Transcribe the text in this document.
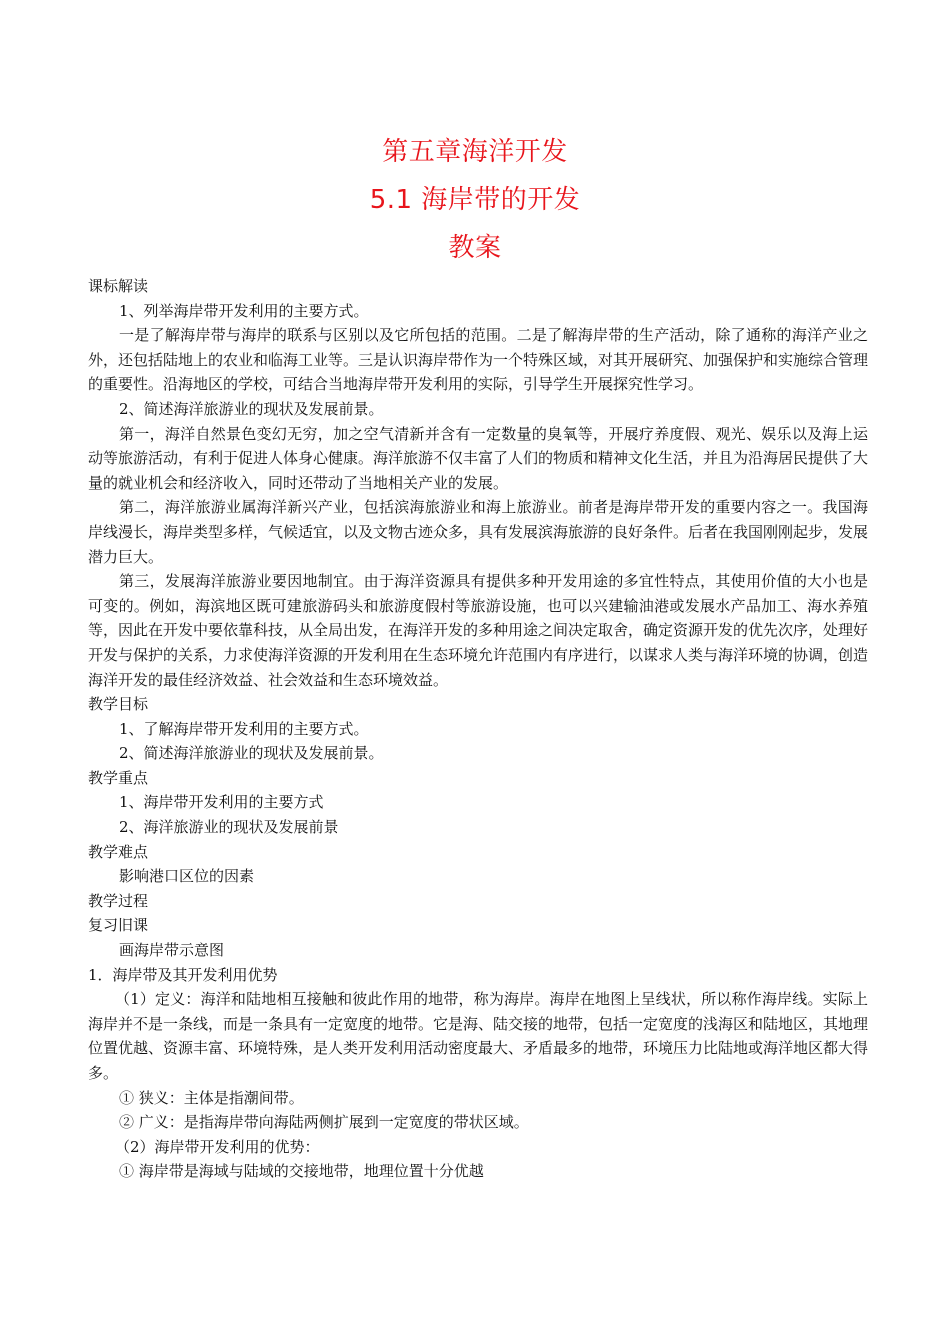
第五章海洋开发
5.1 海岸带的开发
教案

课标解读

1、列举海岸带开发利用的主要方式。

一是了解海岸带与海岸的联系与区别以及它所包括的范围。二是了解海岸带的生产活动，除了通称的海洋产业之外，还包括陆地上的农业和临海工业等。三是认识海岸带作为一个特殊区域，对其开展研究、加强保护和实施综合管理的重要性。沿海地区的学校，可结合当地海岸带开发利用的实际，引导学生开展探究性学习。

2、简述海洋旅游业的现状及发展前景。

第一，海洋自然景色变幻无穷，加之空气清新并含有一定数量的臭氧等，开展疗养度假、观光、娱乐以及海上运动等旅游活动，有利于促进人体身心健康。海洋旅游不仅丰富了人们的物质和精神文化生活，并且为沿海居民提供了大量的就业机会和经济收入，同时还带动了当地相关产业的发展。

第二，海洋旅游业属海洋新兴产业，包括滨海旅游业和海上旅游业。前者是海岸带开发的重要内容之一。我国海岸线漫长，海岸类型多样，气候适宜，以及文物古迹众多，具有发展滨海旅游的良好条件。后者在我国刚刚起步，发展潜力巨大。

第三，发展海洋旅游业要因地制宜。由于海洋资源具有提供多种开发用途的多宜性特点，其使用价值的大小也是可变的。例如，海滨地区既可建旅游码头和旅游度假村等旅游设施，也可以兴建输油港或发展水产品加工、海水养殖等，因此在开发中要依靠科技，从全局出发，在海洋开发的多种用途之间决定取舍，确定资源开发的优先次序，处理好开发与保护的关系，力求使海洋资源的开发利用在生态环境允许范围内有序进行，以谋求人类与海洋环境的协调，创造海洋开发的最佳经济效益、社会效益和生态环境效益。

教学目标

1、了解海岸带开发利用的主要方式。

2、简述海洋旅游业的现状及发展前景。

教学重点

1、海岸带开发利用的主要方式

2、海洋旅游业的现状及发展前景

教学难点

影响港口区位的因素

教学过程

复习旧课

画海岸带示意图

1．海岸带及其开发利用优势

（1）定义：海洋和陆地相互接触和彼此作用的地带，称为海岸。海岸在地图上呈线状，所以称作海岸线。实际上海岸并不是一条线，而是一条具有一定宽度的地带。它是海、陆交接的地带，包括一定宽度的浅海区和陆地区，其地理位置优越、资源丰富、环境特殊，是人类开发利用活动密度最大、矛盾最多的地带，环境压力比陆地或海洋地区都大得多。

① 狭义：主体是指潮间带。

② 广义：是指海岸带向海陆两侧扩展到一定宽度的带状区域。

（2）海岸带开发利用的优势：

① 海岸带是海域与陆域的交接地带，地理位置十分优越
